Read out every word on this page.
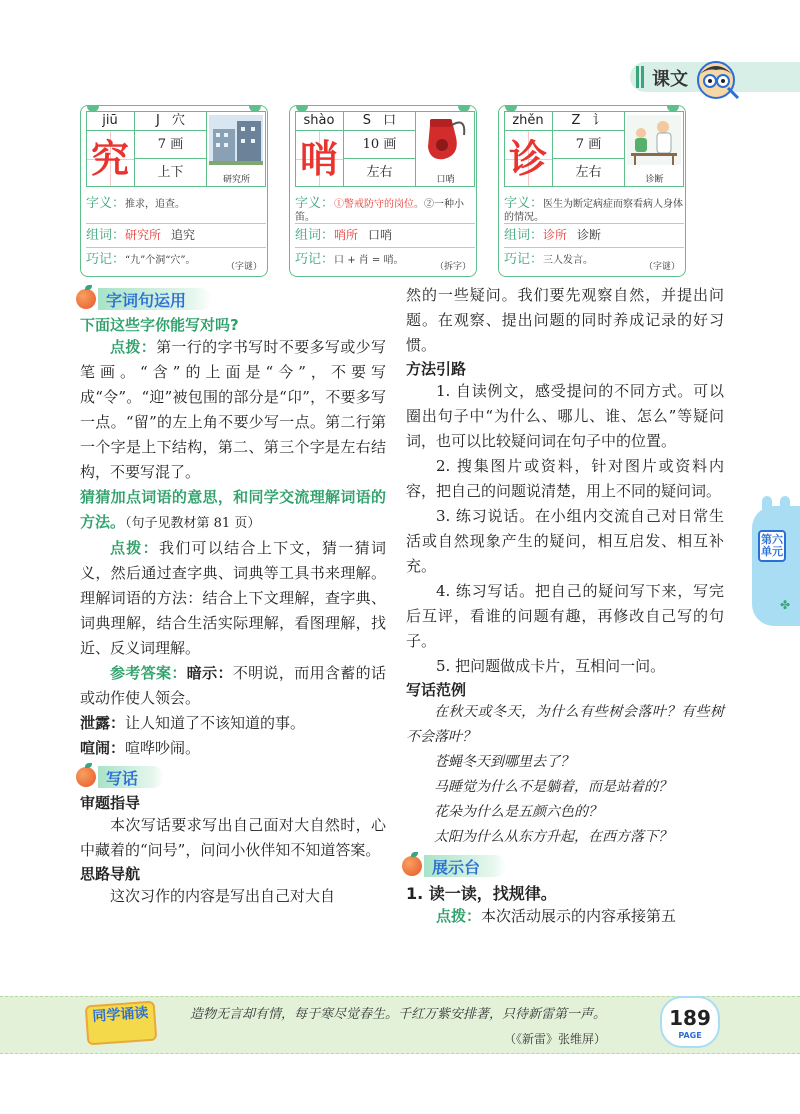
课文
jiū	J 穴
究	7 画
上下	研究所
字义：推求，追查。
组词：研究所 追究
巧记：“九”个洞“穴”。
（字谜）
shào	S 口
哨	10 画
左右	口哨
字义：①警戒防守的岗位。②一种小笛。
组词：哨所 口哨
巧记：口 + 肖 = 哨。
（拆字）
zhěn	Z 讠
诊	7 画
左右	诊断
字义：医生为断定病症而察看病人身体的情况。
组词：诊所 诊断
巧记：三人发言。
（字谜）
字词句运用

下面这些字你能写对吗?

点拨：第一行的字书写时不要多写或少写笔画。“含”的上面是“今”，不要写成“令”。“迎”被包围的部分是“卬”，不要多写一点。“留”的左上角不要少写一点。第二行第一个字是上下结构，第二、第三个字是左右结构，不要写混了。

猜猜加点词语的意思，和同学交流理解词语的方法。（句子见教材第 81 页）

点拨：我们可以结合上下文，猜一猜词义，然后通过查字典、词典等工具书来理解。理解词语的方法：结合上下文理解，查字典、词典理解，结合生活实际理解，看图理解，找近、反义词理解。

参考答案：暗示：不明说，而用含蓄的话或动作使人领会。

泄露：让人知道了不该知道的事。

喧闹：喧哗吵闹。

写话

审题指导

本次写话要求写出自己面对大自然时，心中藏着的“问号”，问问小伙伴知不知道答案。

思路导航

这次习作的内容是写出自己对大自

然的一些疑问。我们要先观察自然，并提出问题。在观察、提出问题的同时养成记录的好习惯。

方法引路

1. 自读例文，感受提问的不同方式。可以圈出句子中“为什么、哪儿、谁、怎么”等疑问词，也可以比较疑问词在句子中的位置。

2. 搜集图片或资料，针对图片或资料内容，把自己的问题说清楚，用上不同的疑问词。

3. 练习说话。在小组内交流自己对日常生活或自然现象产生的疑问，相互启发、相互补充。

4. 练习写话。把自己的疑问写下来，写完后互评，看谁的问题有趣，再修改自己写的句子。

5. 把问题做成卡片，互相问一问。

写话范例

在秋天或冬天，为什么有些树会落叶？有些树不会落叶？

苍蝇冬天到哪里去了？

马睡觉为什么不是躺着，而是站着的？

花朵为什么是五颜六色的？

太阳为什么从东方升起，在西方落下？

展示台

1. 读一读，找规律。

点拨：本次活动展示的内容承接第五

第六单元
✤
同学诵读	造物无言却有情，每于寒尽觉春生。千红万紫安排著，只待新雷第一声。
（《新雷》张维屏）
189
PAGE
